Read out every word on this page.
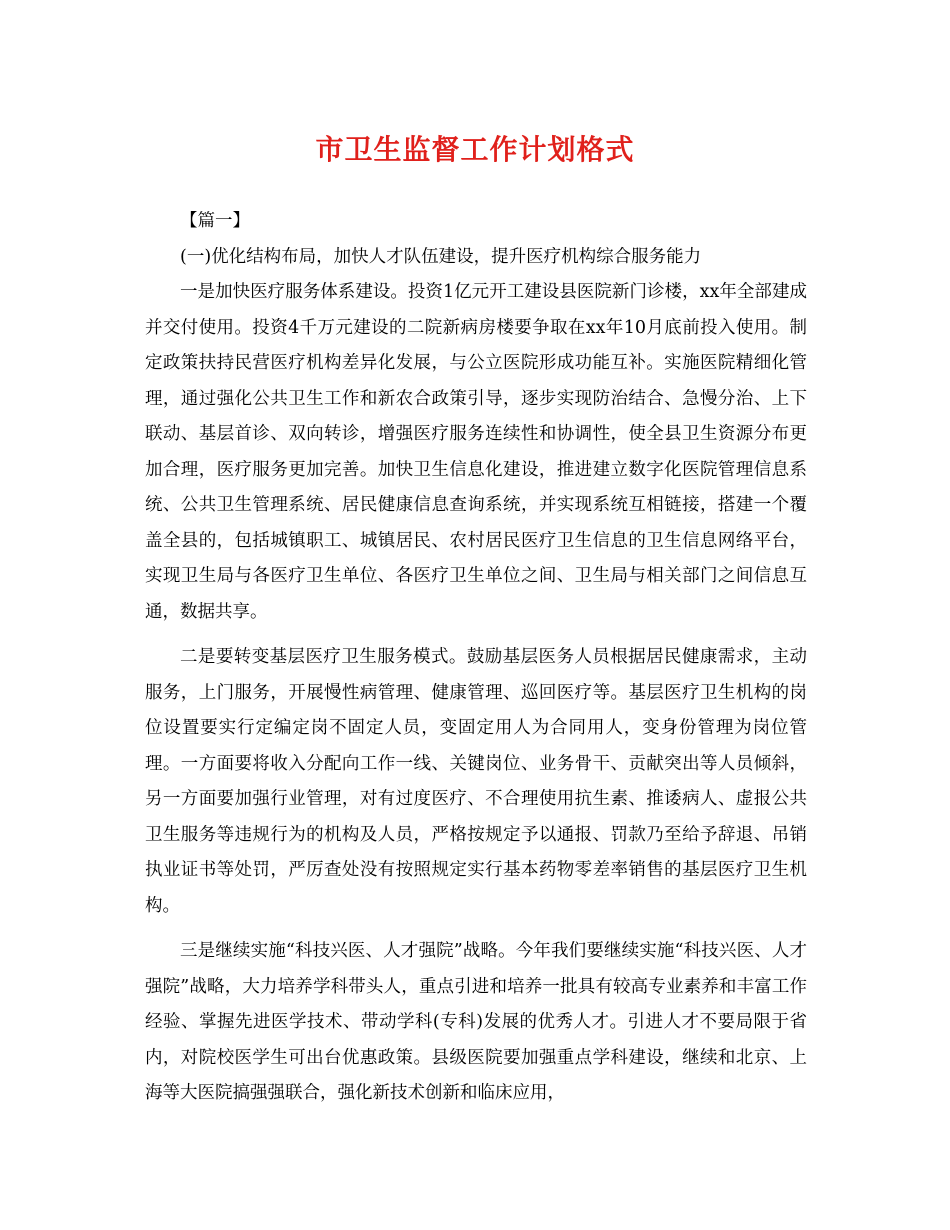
市卫生监督工作计划格式

【篇一】

(一)优化结构布局，加快人才队伍建设，提升医疗机构综合服务能力

一是加快医疗服务体系建设。投资1亿元开工建设县医院新门诊楼，xx年全部建成并交付使用。投资4千万元建设的二院新病房楼要争取在xx年10月底前投入使用。制定政策扶持民营医疗机构差异化发展，与公立医院形成功能互补。实施医院精细化管理，通过强化公共卫生工作和新农合政策引导，逐步实现防治结合、急慢分治、上下联动、基层首诊、双向转诊，增强医疗服务连续性和协调性，使全县卫生资源分布更加合理，医疗服务更加完善。加快卫生信息化建设，推进建立数字化医院管理信息系统、公共卫生管理系统、居民健康信息查询系统，并实现系统互相链接，搭建一个覆盖全县的，包括城镇职工、城镇居民、农村居民医疗卫生信息的卫生信息网络平台，实现卫生局与各医疗卫生单位、各医疗卫生单位之间、卫生局与相关部门之间信息互通，数据共享。

二是要转变基层医疗卫生服务模式。鼓励基层医务人员根据居民健康需求，主动服务，上门服务，开展慢性病管理、健康管理、巡回医疗等。基层医疗卫生机构的岗位设置要实行定编定岗不固定人员，变固定用人为合同用人，变身份管理为岗位管理。一方面要将收入分配向工作一线、关键岗位、业务骨干、贡献突出等人员倾斜，另一方面要加强行业管理，对有过度医疗、不合理使用抗生素、推诿病人、虚报公共卫生服务等违规行为的机构及人员，严格按规定予以通报、罚款乃至给予辞退、吊销执业证书等处罚，严厉查处没有按照规定实行基本药物零差率销售的基层医疗卫生机构。

三是继续实施“科技兴医、人才强院”战略。今年我们要继续实施“科技兴医、人才强院”战略，大力培养学科带头人，重点引进和培养一批具有较高专业素养和丰富工作经验、掌握先进医学技术、带动学科(专科)发展的优秀人才。引进人才不要局限于省内，对院校医学生可出台优惠政策。县级医院要加强重点学科建设，继续和北京、上海等大医院搞强强联合，强化新技术创新和临床应用，
